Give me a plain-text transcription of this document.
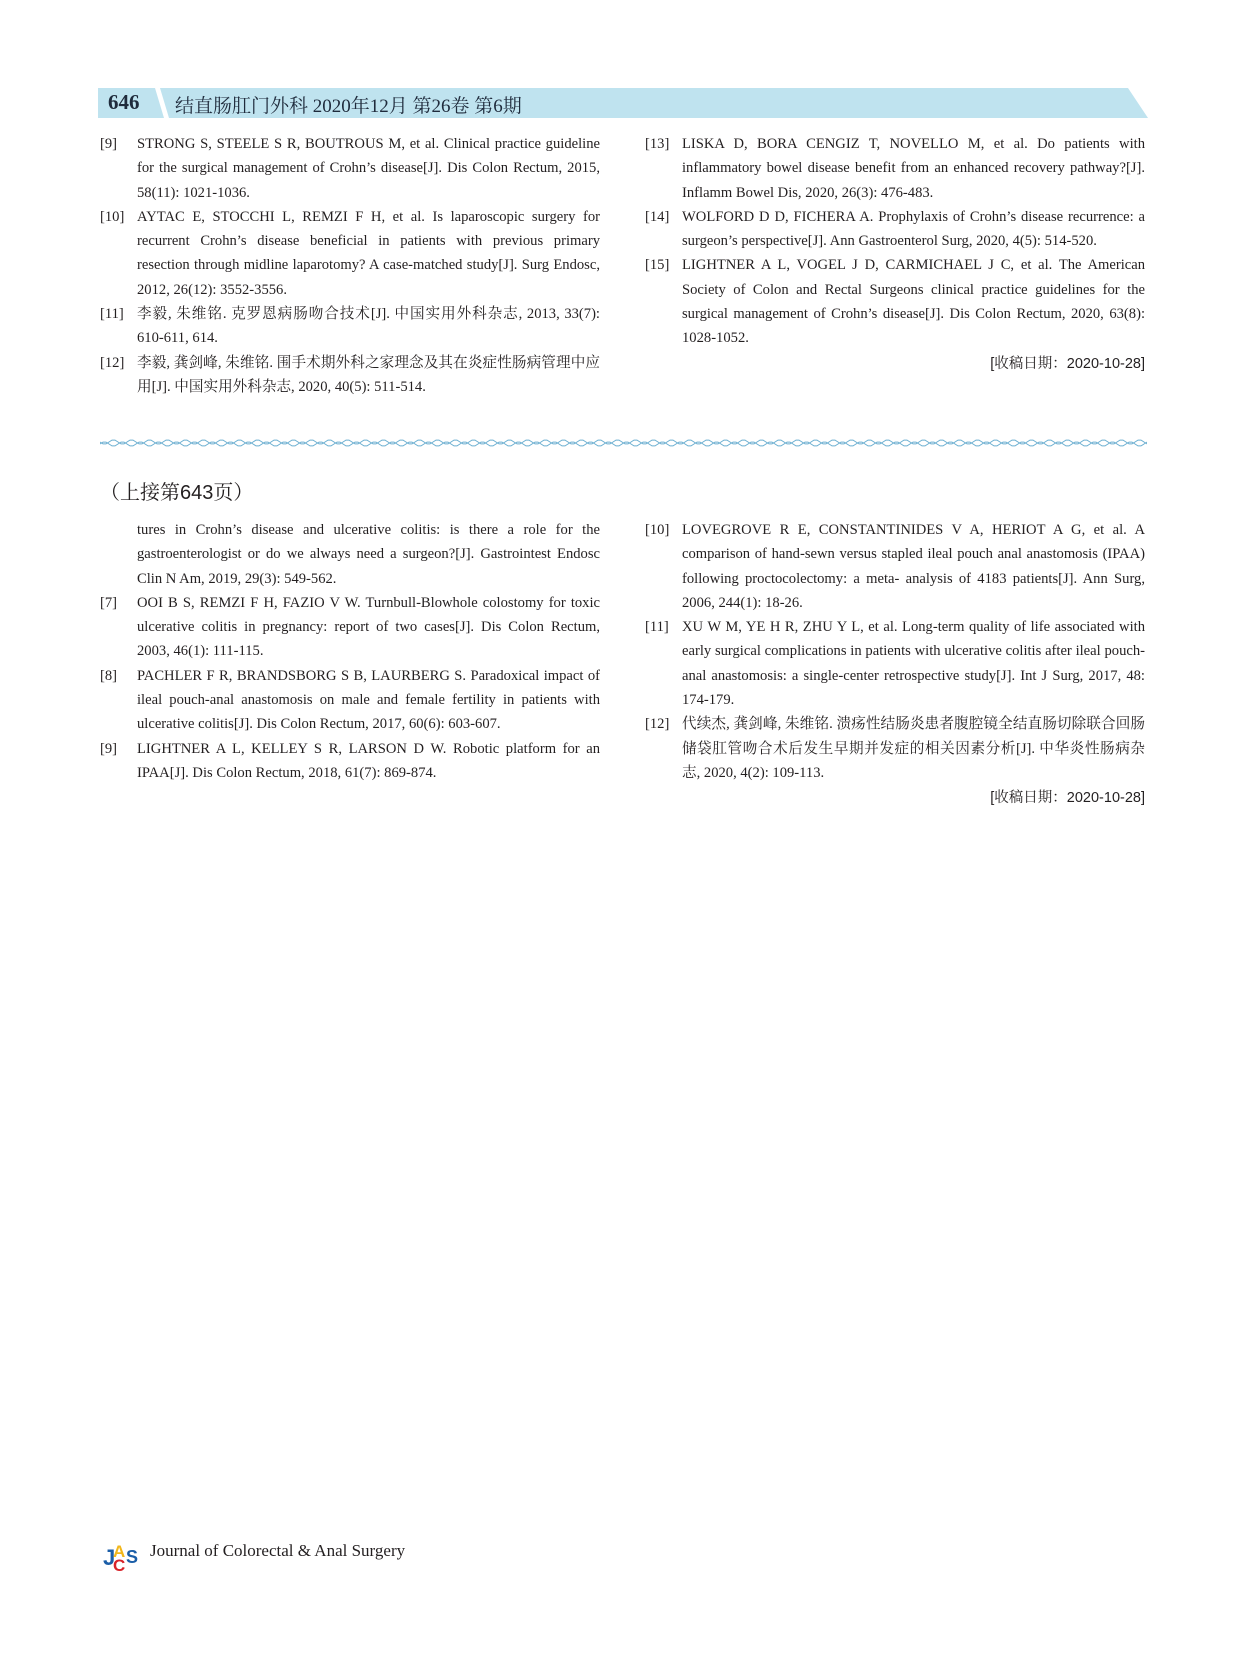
646 结直肠肛门外科 2020年12月 第26卷 第6期
[9] STRONG S, STEELE S R, BOUTROUS M, et al. Clinical practice guideline for the surgical management of Crohn’s disease[J]. Dis Colon Rectum, 2015, 58(11): 1021-1036.
[10] AYTAC E, STOCCHI L, REMZI F H, et al. Is laparoscopic surgery for recurrent Crohn’s disease beneficial in patients with previous primary resection through midline laparotomy? A case-matched study[J]. Surg Endosc, 2012, 26(12): 3552-3556.
[11] 李毅, 朱维铭. 克罗恩病肠吻合技术[J]. 中国实用外科杂志, 2013, 33(7): 610-611, 614.
[12] 李毅, 龚剑峰, 朱维铭. 围手术期外科之家理念及其在炎症性肠病管理中应用[J]. 中国实用外科杂志, 2020, 40(5): 511-514.
[13] LISKA D, BORA CENGIZ T, NOVELLO M, et al. Do patients with inflammatory bowel disease benefit from an enhanced recovery pathway?[J]. Inflamm Bowel Dis, 2020, 26(3): 476-483.
[14] WOLFORD D D, FICHERA A. Prophylaxis of Crohn’s disease recurrence: a surgeon’s perspective[J]. Ann Gastroenterol Surg, 2020, 4(5): 514-520.
[15] LIGHTNER A L, VOGEL J D, CARMICHAEL J C, et al. The American Society of Colon and Rectal Surgeons clinical practice guidelines for the surgical management of Crohn’s disease[J]. Dis Colon Rectum, 2020, 63(8): 1028-1052.
[收稿日期：2020-10-28]
（上接第643页）
tures in Crohn’s disease and ulcerative colitis: is there a role for the gastroenterologist or do we always need a surgeon?[J]. Gastrointest Endosc Clin N Am, 2019, 29(3): 549-562.
[7] OOI B S, REMZI F H, FAZIO V W. Turnbull-Blowhole colostomy for toxic ulcerative colitis in pregnancy: report of two cases[J]. Dis Colon Rectum, 2003, 46(1): 111-115.
[8] PACHLER F R, BRANDSBORG S B, LAURBERG S. Paradoxical impact of ileal pouch-anal anastomosis on male and female fertility in patients with ulcerative colitis[J]. Dis Colon Rectum, 2017, 60(6): 603-607.
[9] LIGHTNER A L, KELLEY S R, LARSON D W. Robotic platform for an IPAA[J]. Dis Colon Rectum, 2018, 61(7): 869-874.
[10] LOVEGROVE R E, CONSTANTINIDES V A, HERIOT A G, et al. A comparison of hand-sewn versus stapled ileal pouch anal anastomosis (IPAA) following proctocolectomy: a meta- analysis of 4183 patients[J]. Ann Surg, 2006, 244(1): 18-26.
[11] XU W M, YE H R, ZHU Y L, et al. Long-term quality of life associated with early surgical complications in patients with ulcerative colitis after ileal pouch-anal anastomosis: a single-center retrospective study[J]. Int J Surg, 2017, 48: 174-179.
[12] 代续杰, 龚剑峰, 朱维铭. 溃疡性结肠炎患者腹腔镜全结直肠切除联合回肠储袋肛管吻合术后发生早期并发症的相关因素分析[J]. 中华炎性肠病杂志, 2020, 4(2): 109-113.
[收稿日期：2020-10-28]
J
A
C S Journal of Colorectal & Anal Surgery
